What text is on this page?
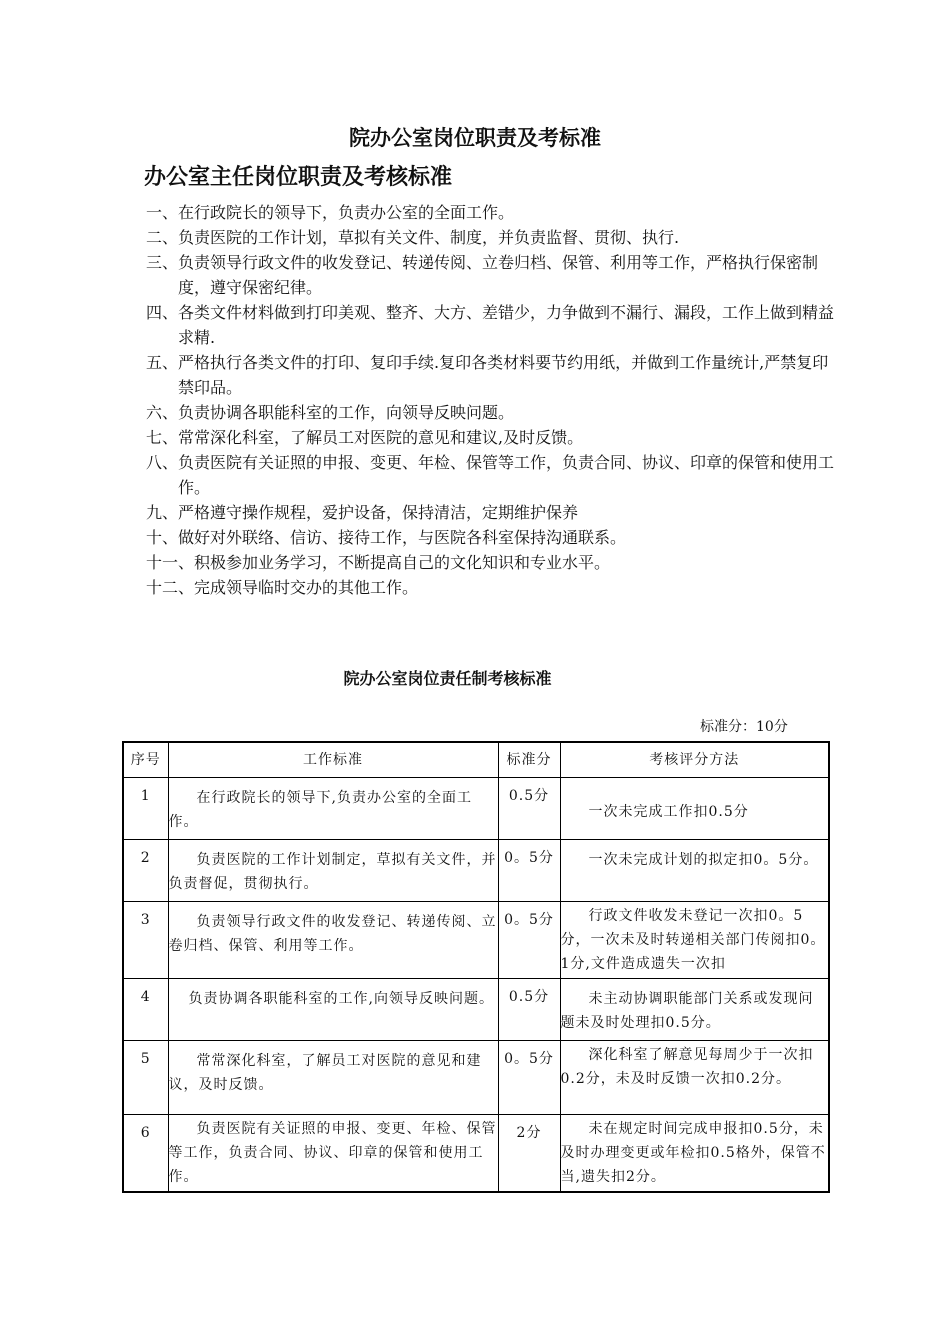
院办公室岗位职责及考标准
办公室主任岗位职责及考核标准
一、 在行政院长的领导下，负责办公室的全面工作。
二、 负责医院的工作计划，草拟有关文件、制度，并负责监督、贯彻、执行.
三、 负责领导行政文件的收发登记、转递传阅、立卷归档、保管、利用等工作，严格执行保密制度，遵守保密纪律。
四、 各类文件材料做到打印美观、整齐、大方、差错少，力争做到不漏行、漏段，工作上做到精益求精.
五、 严格执行各类文件的打印、复印手续.复印各类材料要节约用纸，并做到工作量统计,严禁复印禁印品。
六、 负责协调各职能科室的工作，向领导反映问题。
七、 常常深化科室，了解员工对医院的意见和建议,及时反馈。
八、 负责医院有关证照的申报、变更、年检、保管等工作，负责合同、协议、印章的保管和使用工作。
九、 严格遵守操作规程，爱护设备，保持清洁，定期维护保养
十、 做好对外联络、信访、接待工作，与医院各科室保持沟通联系。
十一、 积极参加业务学习，不断提高自己的文化知识和专业水平。
十二、 完成领导临时交办的其他工作。
院办公室岗位责任制考核标准
标准分：10分
序号	工作标准	标准分	考核评分方法
1	在行政院长的领导下,负责办公室的全面工作。	0.5分	一次未完成工作扣0.5分
2	负责医院的工作计划制定，草拟有关文件，并负责督促，贯彻执行。	0。5分	一次未完成计划的拟定扣0。5分。
3	负责领导行政文件的收发登记、转递传阅、立卷归档、保管、利用等工作。	0。5分	行政文件收发未登记一次扣0。5分，一次未及时转递相关部门传阅扣0。1分,文件造成遗失一次扣
4	负责协调各职能科室的工作,向领导反映问题。	0.5分	未主动协调职能部门关系或发现问题未及时处理扣0.5分。
5	常常深化科室，了解员工对医院的意见和建议，及时反馈。	0。5分	深化科室了解意见每周少于一次扣0.2分，未及时反馈一次扣0.2分。
6	负责医院有关证照的申报、变更、年检、保管等工作，负责合同、协议、印章的保管和使用工作。	2分	未在规定时间完成申报扣0.5分，未及时办理变更或年检扣0.5格外，保管不当,遗失扣2分。
